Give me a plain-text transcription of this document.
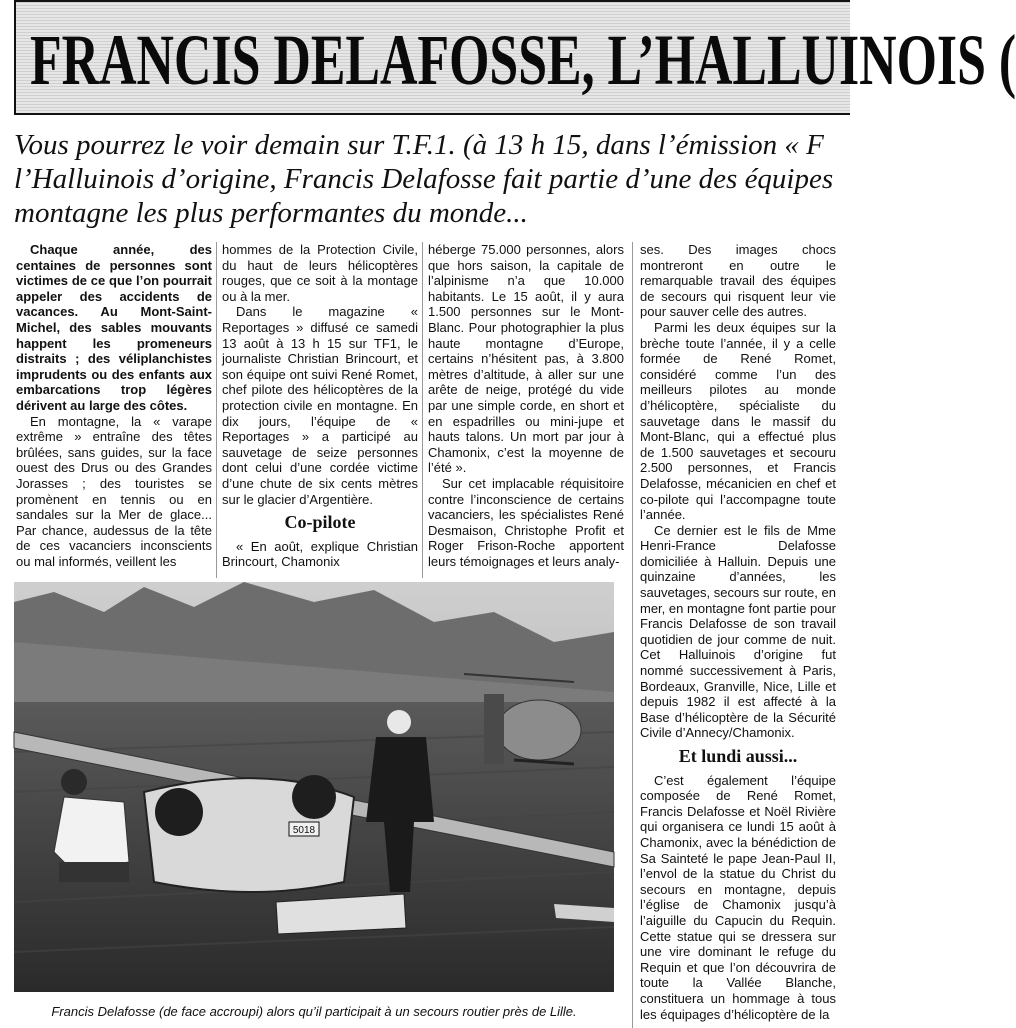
FRANCIS DELAFOSSE, L’HALLUINOIS (
Vous pourrez le voir demain sur T.F.1. (à 13 h 15, dans l’émission « F
l’Halluinois d’origine, Francis Delafosse fait partie d’une des équipes
montagne les plus performantes du monde...

Chaque année, des centaines de personnes sont victimes de ce que l’on pourrait appeler des accidents de vacances. Au Mont-Saint-Michel, des sables mouvants happent les promeneurs distraits ; des véliplanchistes imprudents ou des enfants aux embarcations trop légères dérivent au large des côtes.

En montagne, la « varape extrême » entraîne des têtes brûlées, sans guides, sur la face ouest des Drus ou des Grandes Jorasses ; des touristes se promènent en tennis ou en sandales sur la Mer de glace... Par chance, audessus de la tête de ces vacanciers inconscients ou mal informés, veillent les

hommes de la Protection Civile, du haut de leurs hélicoptères rouges, que ce soit à la montage ou à la mer.

Dans le magazine « Reportages » diffusé ce samedi 13 août à 13 h 15 sur TF1, le journaliste Christian Brincourt, et son équipe ont suivi René Romet, chef pilote des hélicoptères de la protection civile en montagne. En dix jours, l’équipe de « Reportages » a participé au sauvetage de seize personnes dont celui d’une cordée victime d’une chute de six cents mètres sur le glacier d’Argentière.

Co-pilote

« En août, explique Christian Brincourt, Chamonix

héberge 75.000 personnes, alors que hors saison, la capitale de l’alpinisme n’a que 10.000 habitants. Le 15 août, il y aura 1.500 personnes sur le Mont-Blanc. Pour photographier la plus haute montagne d’Europe, certains n’hésitent pas, à 3.800 mètres d’altitude, à aller sur une arête de neige, protégé du vide par une simple corde, en short et en espadrilles ou mini-jupe et hauts talons. Un mort par jour à Chamonix, c’est la moyenne de l’été ».

Sur cet implacable réquisitoire contre l’inconscience de certains vacanciers, les spécialistes René Desmaison, Christophe Profit et Roger Frison-Roche apportent leurs témoignages et leurs analy-

ses. Des images chocs montreront en outre le remarquable travail des équipes de secours qui risquent leur vie pour sauver celle des autres.

Parmi les deux équipes sur la brèche toute l’année, il y a celle formée de René Romet, considéré comme l’un des meilleurs pilotes au monde d’hélicoptère, spécialiste du sauvetage dans le massif du Mont-Blanc, qui a effectué plus de 1.500 sauvetages et secouru 2.500 personnes, et Francis Delafosse, mécanicien en chef et co-pilote qui l’accompagne toute l’année.

Ce dernier est le fils de Mme Henri-France Delafosse domiciliée à Halluin. Depuis une quinzaine d’années, les sauvetages, secours sur route, en mer, en montagne font partie pour Francis Delafosse de son travail quotidien de jour comme de nuit. Cet Halluinois d’origine fut nommé successivement à Paris, Bordeaux, Granville, Nice, Lille et depuis 1982 il est affecté à la Base d’hélicoptère de la Sécurité Civile d’Annecy/Chamonix.

Et lundi aussi...

C’est également l’équipe composée de René Romet, Francis Delafosse et Noël Rivière qui organisera ce lundi 15 août à Chamonix, avec la bénédiction de Sa Sainteté le pape Jean-Paul II, l’envol de la statue du Christ du secours en montagne, depuis l’église de Chamonix jusqu’à l’aiguille du Capucin du Requin. Cette statue qui se dressera sur une vire dominant le refuge du Requin et que l’on découvrira de toute la Vallée Blanche, constituera un hommage à tous les équipages d’hélicoptère de la

5018
Francis Delafosse (de face accroupi) alors qu’il participait à un secours routier près de Lille.
